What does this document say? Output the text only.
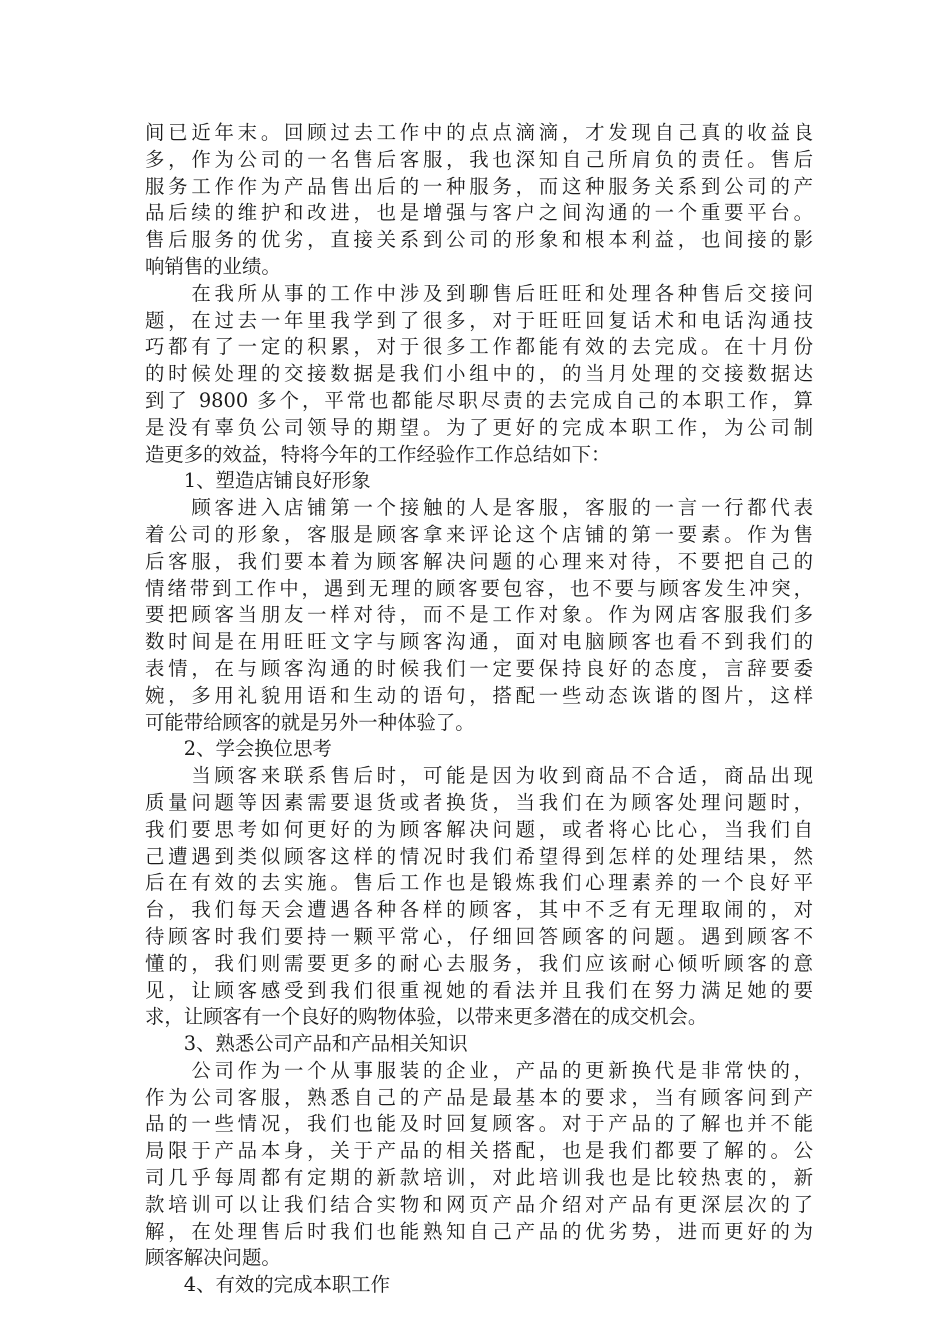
间已近年末。回顾过去工作中的点点滴滴，才发现自己真的收益良
多，作为公司的一名售后客服，我也深知自己所肩负的责任。售后
服务工作作为产品售出后的一种服务，而这种服务关系到公司的产
品后续的维护和改进，也是增强与客户之间沟通的一个重要平台。
售后服务的优劣，直接关系到公司的形象和根本利益，也间接的影
响销售的业绩。
　　在我所从事的工作中涉及到聊售后旺旺和处理各种售后交接问
题，在过去一年里我学到了很多，对于旺旺回复话术和电话沟通技
巧都有了一定的积累，对于很多工作都能有效的去完成。在十月份
的时候处理的交接数据是我们小组中的，的当月处理的交接数据达
到了 9800 多个，平常也都能尽职尽责的去完成自己的本职工作，算
是没有辜负公司领导的期望。为了更好的完成本职工作，为公司制
造更多的效益，特将今年的工作经验作工作总结如下：
　　1、塑造店铺良好形象
　　顾客进入店铺第一个接触的人是客服，客服的一言一行都代表
着公司的形象，客服是顾客拿来评论这个店铺的第一要素。作为售
后客服，我们要本着为顾客解决问题的心理来对待，不要把自己的
情绪带到工作中，遇到无理的顾客要包容，也不要与顾客发生冲突，
要把顾客当朋友一样对待，而不是工作对象。作为网店客服我们多
数时间是在用旺旺文字与顾客沟通，面对电脑顾客也看不到我们的
表情，在与顾客沟通的时候我们一定要保持良好的态度，言辞要委
婉，多用礼貌用语和生动的语句，搭配一些动态诙谐的图片，这样
可能带给顾客的就是另外一种体验了。
　　2、学会换位思考
　　当顾客来联系售后时，可能是因为收到商品不合适，商品出现
质量问题等因素需要退货或者换货，当我们在为顾客处理问题时，
我们要思考如何更好的为顾客解决问题，或者将心比心，当我们自
己遭遇到类似顾客这样的情况时我们希望得到怎样的处理结果，然
后在有效的去实施。售后工作也是锻炼我们心理素养的一个良好平
台，我们每天会遭遇各种各样的顾客，其中不乏有无理取闹的，对
待顾客时我们要持一颗平常心，仔细回答顾客的问题。遇到顾客不
懂的，我们则需要更多的耐心去服务，我们应该耐心倾听顾客的意
见，让顾客感受到我们很重视她的看法并且我们在努力满足她的要
求，让顾客有一个良好的购物体验，以带来更多潜在的成交机会。
　　3、熟悉公司产品和产品相关知识
　　公司作为一个从事服装的企业，产品的更新换代是非常快的，
作为公司客服，熟悉自己的产品是最基本的要求，当有顾客问到产
品的一些情况，我们也能及时回复顾客。对于产品的了解也并不能
局限于产品本身，关于产品的相关搭配，也是我们都要了解的。公
司几乎每周都有定期的新款培训，对此培训我也是比较热衷的，新
款培训可以让我们结合实物和网页产品介绍对产品有更深层次的了
解，在处理售后时我们也能熟知自己产品的优劣势，进而更好的为
顾客解决问题。
　　4、有效的完成本职工作
